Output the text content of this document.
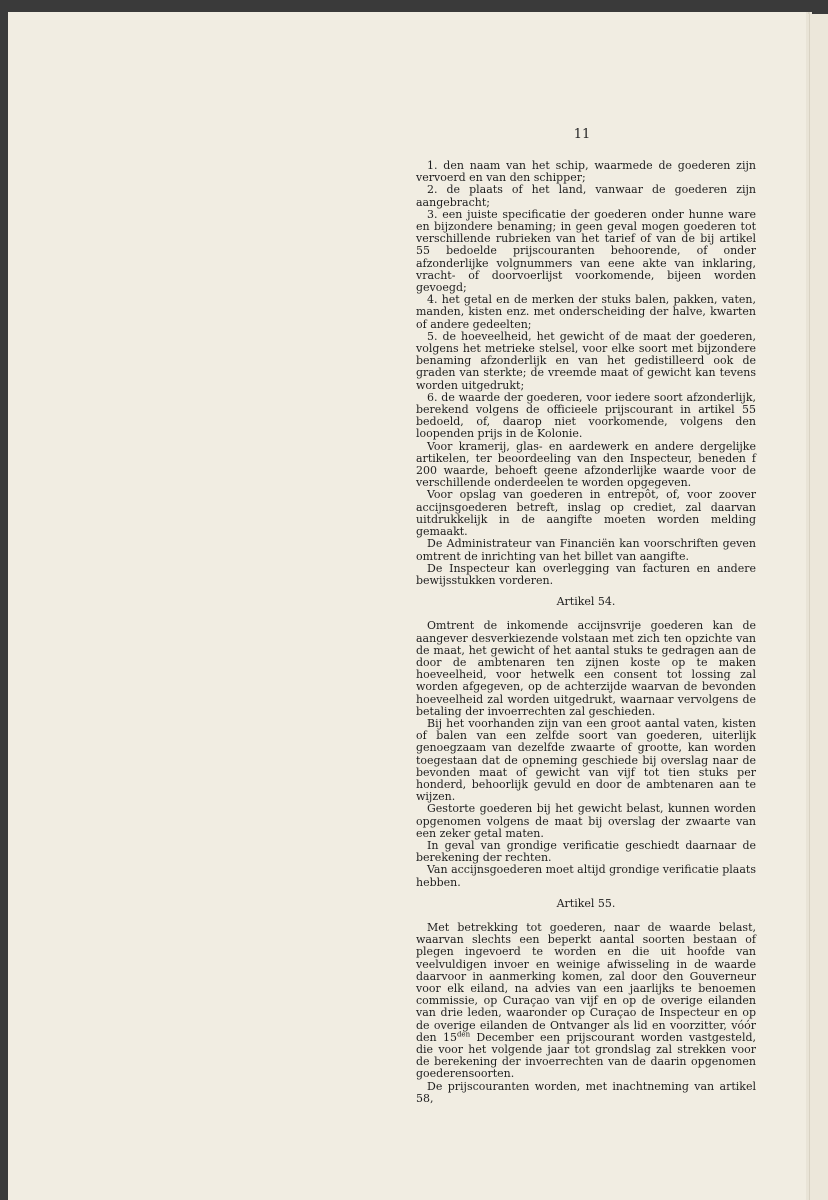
11

1. den naam van het schip, waarmede de goederen zijn vervoerd en van den schipper;

2. de plaats of het land, vanwaar de goederen zijn aangebracht;

3. een juiste specificatie der goederen onder hunne ware en bijzondere benaming; in geen geval mogen goederen tot verschillende rubrieken van het tarief of van de bij artikel 55 bedoelde prijscouranten behoorende, of onder afzonderlijke volgnummers van eene akte van inklaring, vracht- of doorvoerlijst voorkomende, bijeen worden gevoegd;

4. het getal en de merken der stuks balen, pakken, vaten, manden, kisten enz. met onderscheiding der halve, kwarten of andere gedeelten;

5. de hoeveelheid, het gewicht of de maat der goederen, volgens het metrieke stelsel, voor elke soort met bijzondere benaming afzonderlijk en van het gedistilleerd ook de graden van sterkte; de vreemde maat of gewicht kan tevens worden uitgedrukt;

6. de waarde der goederen, voor iedere soort afzonderlijk, berekend volgens de officieele prijscourant in artikel 55 bedoeld, of, daarop niet voorkomende, volgens den loopenden prijs in de Kolonie.

Voor kramerij, glas- en aardewerk en andere dergelijke artikelen, ter beoordeeling van den Inspecteur, beneden f 200 waarde, behoeft geene afzonderlijke waarde voor de verschillende onderdeelen te worden opgegeven.

Voor opslag van goederen in entrepôt, of, voor zoover accijnsgoederen betreft, inslag op crediet, zal daarvan uitdrukkelijk in de aangifte moeten worden melding gemaakt.

De Administrateur van Financiën kan voorschriften geven omtrent de inrichting van het billet van aangifte.

De Inspecteur kan overlegging van facturen en andere bewijsstukken vorderen.

Artikel 54.

Omtrent de inkomende accijnsvrije goederen kan de aangever desverkiezende volstaan met zich ten opzichte van de maat, het gewicht of het aantal stuks te gedragen aan de door de ambtenaren ten zijnen koste op te maken hoeveelheid, voor hetwelk een consent tot lossing zal worden afgegeven, op de achterzijde waarvan de bevonden hoeveelheid zal worden uitgedrukt, waarnaar vervolgens de betaling der invoerrechten zal geschieden.

Bij het voorhanden zijn van een groot aantal vaten, kisten of balen van een zelfde soort van goederen, uiterlijk genoegzaam van dezelfde zwaarte of grootte, kan worden toegestaan dat de opneming geschiede bij overslag naar de bevonden maat of gewicht van vijf tot tien stuks per honderd, behoorlijk gevuld en door de ambtenaren aan te wijzen.

Gestorte goederen bij het gewicht belast, kunnen worden opgenomen volgens de maat bij overslag der zwaarte van een zeker getal maten.

In geval van grondige verificatie geschiedt daarnaar de berekening der rechten.

Van accijnsgoederen moet altijd grondige verificatie plaats hebben.

Artikel 55.

Met betrekking tot goederen, naar de waarde belast, waarvan slechts een beperkt aantal soorten bestaan of plegen ingevoerd te worden en die uit hoofde van veelvuldigen invoer en weinige afwisseling in de waarde daarvoor in aanmerking komen, zal door den Gouverneur voor elk eiland, na advies van een jaarlijks te benoemen commissie, op Curaçao van vijf en op de overige eilanden van drie leden, waaronder op Curaçao de Inspecteur en op de overige eilanden de Ontvanger als lid en voorzitter, vóór den $15^{den}$ December een prijscourant worden vastgesteld, die voor het volgende jaar tot grondslag zal strekken voor de berekening der invoerrechten van de daarin opgenomen goederensoorten.

De prijscouranten worden, met inachtneming van artikel 58,
